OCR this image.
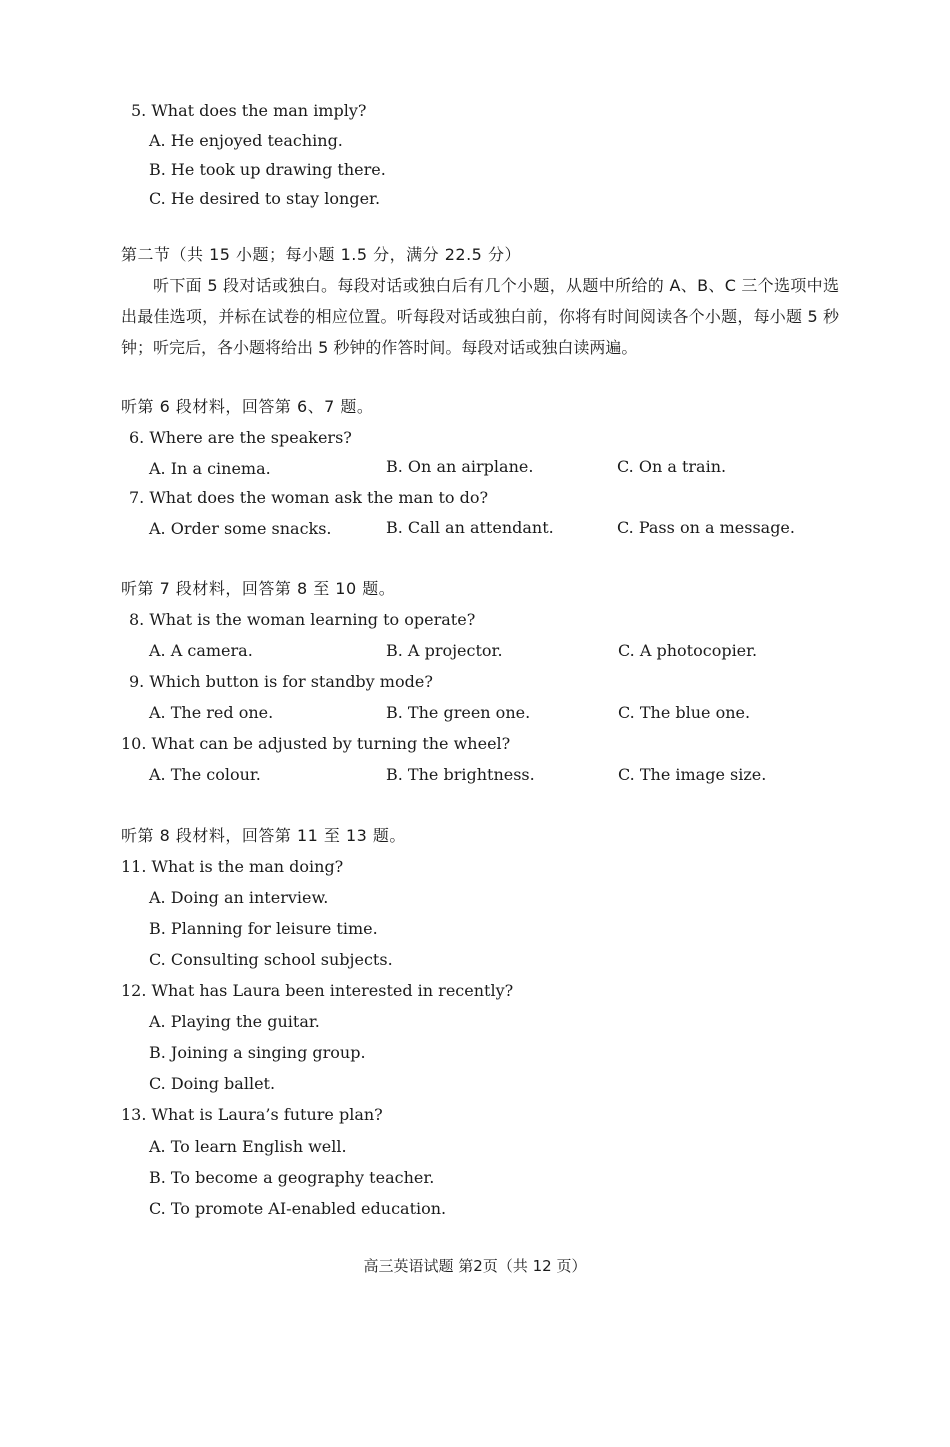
5. What does the man imply?
A. He enjoyed teaching.
B. He took up drawing there.
C. He desired to stay longer.
第二节（共 15 小题；每小题 1.5 分，满分 22.5 分）
听下面 5 段对话或独白。每段对话或独白后有几个小题，从题中所给的 A、B、C 三个选项中选出最佳选项，并标在试卷的相应位置。听每段对话或独白前，你将有时间阅读各个小题，每小题 5 秒钟；听完后，各小题将给出 5 秒钟的作答时间。每段对话或独白读两遍。
听第 6 段材料，回答第 6、7 题。
6. Where are the speakers?
A. In a cinema.	B. On an airplane.	C. On a train.
7. What does the woman ask the man to do?
A. Order some snacks.	B. Call an attendant.	C. Pass on a message.
听第 7 段材料，回答第 8 至 10 题。
8. What is the woman learning to operate?
A. A camera.	B. A projector.	C. A photocopier.
9. Which button is for standby mode?
A. The red one.	B. The green one.	C. The blue one.
10. What can be adjusted by turning the wheel?
A. The colour.	B. The brightness.	C. The image size.
听第 8 段材料，回答第 11 至 13 题。
11. What is the man doing?
A. Doing an interview.
B. Planning for leisure time.
C. Consulting school subjects.
12. What has Laura been interested in recently?
A. Playing the guitar.
B. Joining a singing group.
C. Doing ballet.
13. What is Laura’s future plan?
A. To learn English well.
B. To become a geography teacher.
C. To promote AI-enabled education.
高三英语试题 第2页（共 12 页）
